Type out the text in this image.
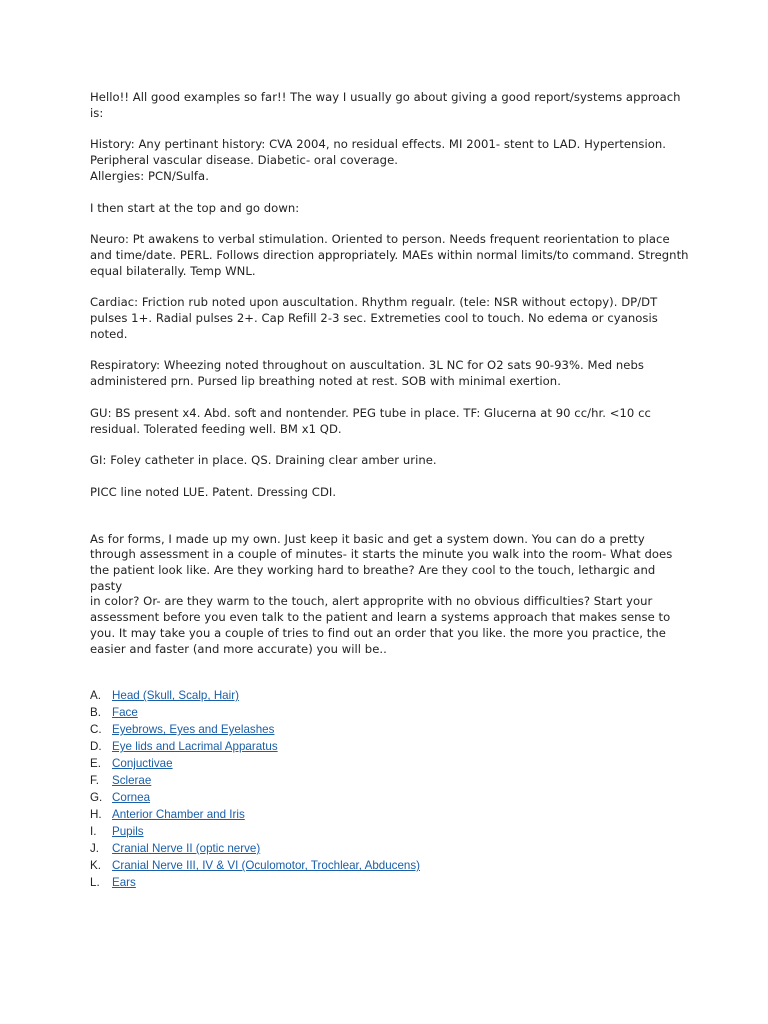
Hello!! All good examples so far!! The way I usually go about giving a good report/systems approach
is:

History: Any pertinant history: CVA 2004, no residual effects. MI 2001- stent to LAD. Hypertension.
Peripheral vascular disease. Diabetic- oral coverage.
Allergies: PCN/Sulfa.

I then start at the top and go down:

Neuro: Pt awakens to verbal stimulation. Oriented to person. Needs frequent reorientation to place
and time/date. PERL. Follows direction appropriately. MAEs within normal limits/to command. Stregnth
equal bilaterally. Temp WNL.

Cardiac: Friction rub noted upon auscultation. Rhythm regualr. (tele: NSR without ectopy). DP/DT
pulses 1+. Radial pulses 2+. Cap Refill 2-3 sec. Extremeties cool to touch. No edema or cyanosis
noted.

Respiratory: Wheezing noted throughout on auscultation. 3L NC for O2 sats 90-93%. Med nebs
administered prn. Pursed lip breathing noted at rest. SOB with minimal exertion.

GU: BS present x4. Abd. soft and nontender. PEG tube in place. TF: Glucerna at 90 cc/hr. <10 cc
residual. Tolerated feeding well. BM x1 QD.

GI: Foley catheter in place. QS. Draining clear amber urine.

PICC line noted LUE. Patent. Dressing CDI.

As for forms, I made up my own. Just keep it basic and get a system down. You can do a pretty
through assessment in a couple of minutes- it starts the minute you walk into the room- What does
the patient look like. Are they working hard to breathe? Are they cool to the touch, lethargic and pasty
in color? Or- are they warm to the touch, alert approprite with no obvious difficulties? Start your
assessment before you even talk to the patient and learn a systems approach that makes sense to
you. It may take you a couple of tries to find out an order that you like. the more you practice, the
easier and faster (and more accurate) you will be..

A. Head (Skull, Scalp, Hair)
B. Face
C. Eyebrows, Eyes and Eyelashes
D. Eye lids and Lacrimal Apparatus
E. Conjuctivae
F.	Sclerae
G. Cornea
H. Anterior Chamber and Iris
I.	Pupils
J.	Cranial Nerve II (optic nerve)
K. Cranial Nerve III, IV & VI (Oculomotor, Trochlear, Abducens)
L.	Ears
